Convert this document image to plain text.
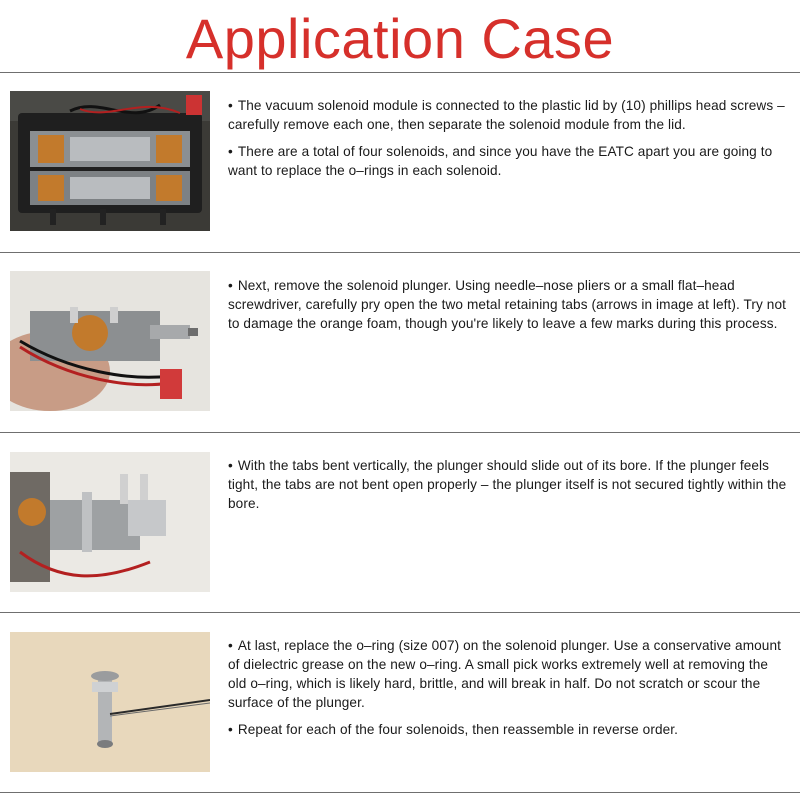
Application Case

• The vacuum solenoid module is connected to the plastic lid by (10) phillips head screws – carefully remove each one, then separate the solenoid module from the lid.

• There are a total of four solenoids, and since you have the EATC apart you are going to want to replace the o–rings in each solenoid.

• Next, remove the solenoid plunger. Using needle–nose pliers or a small flat–head screwdriver, carefully pry open the two metal retaining tabs (arrows in image at left). Try not to damage the orange foam, though you're likely to leave a few marks during this process.

• With the tabs bent vertically, the plunger should slide out of its bore. If the plunger feels tight, the tabs are not bent open properly – the plunger itself is not secured tightly within the bore.

• At last, replace the o–ring (size 007) on the solenoid plunger. Use a conservative amount of dielectric grease on the new o–ring. A small pick works extremely well at removing the old o–ring, which is likely hard, brittle, and will break in half. Do not scratch or scour the surface of the plunger.

• Repeat for each of the four solenoids, then reassemble in reverse order.
